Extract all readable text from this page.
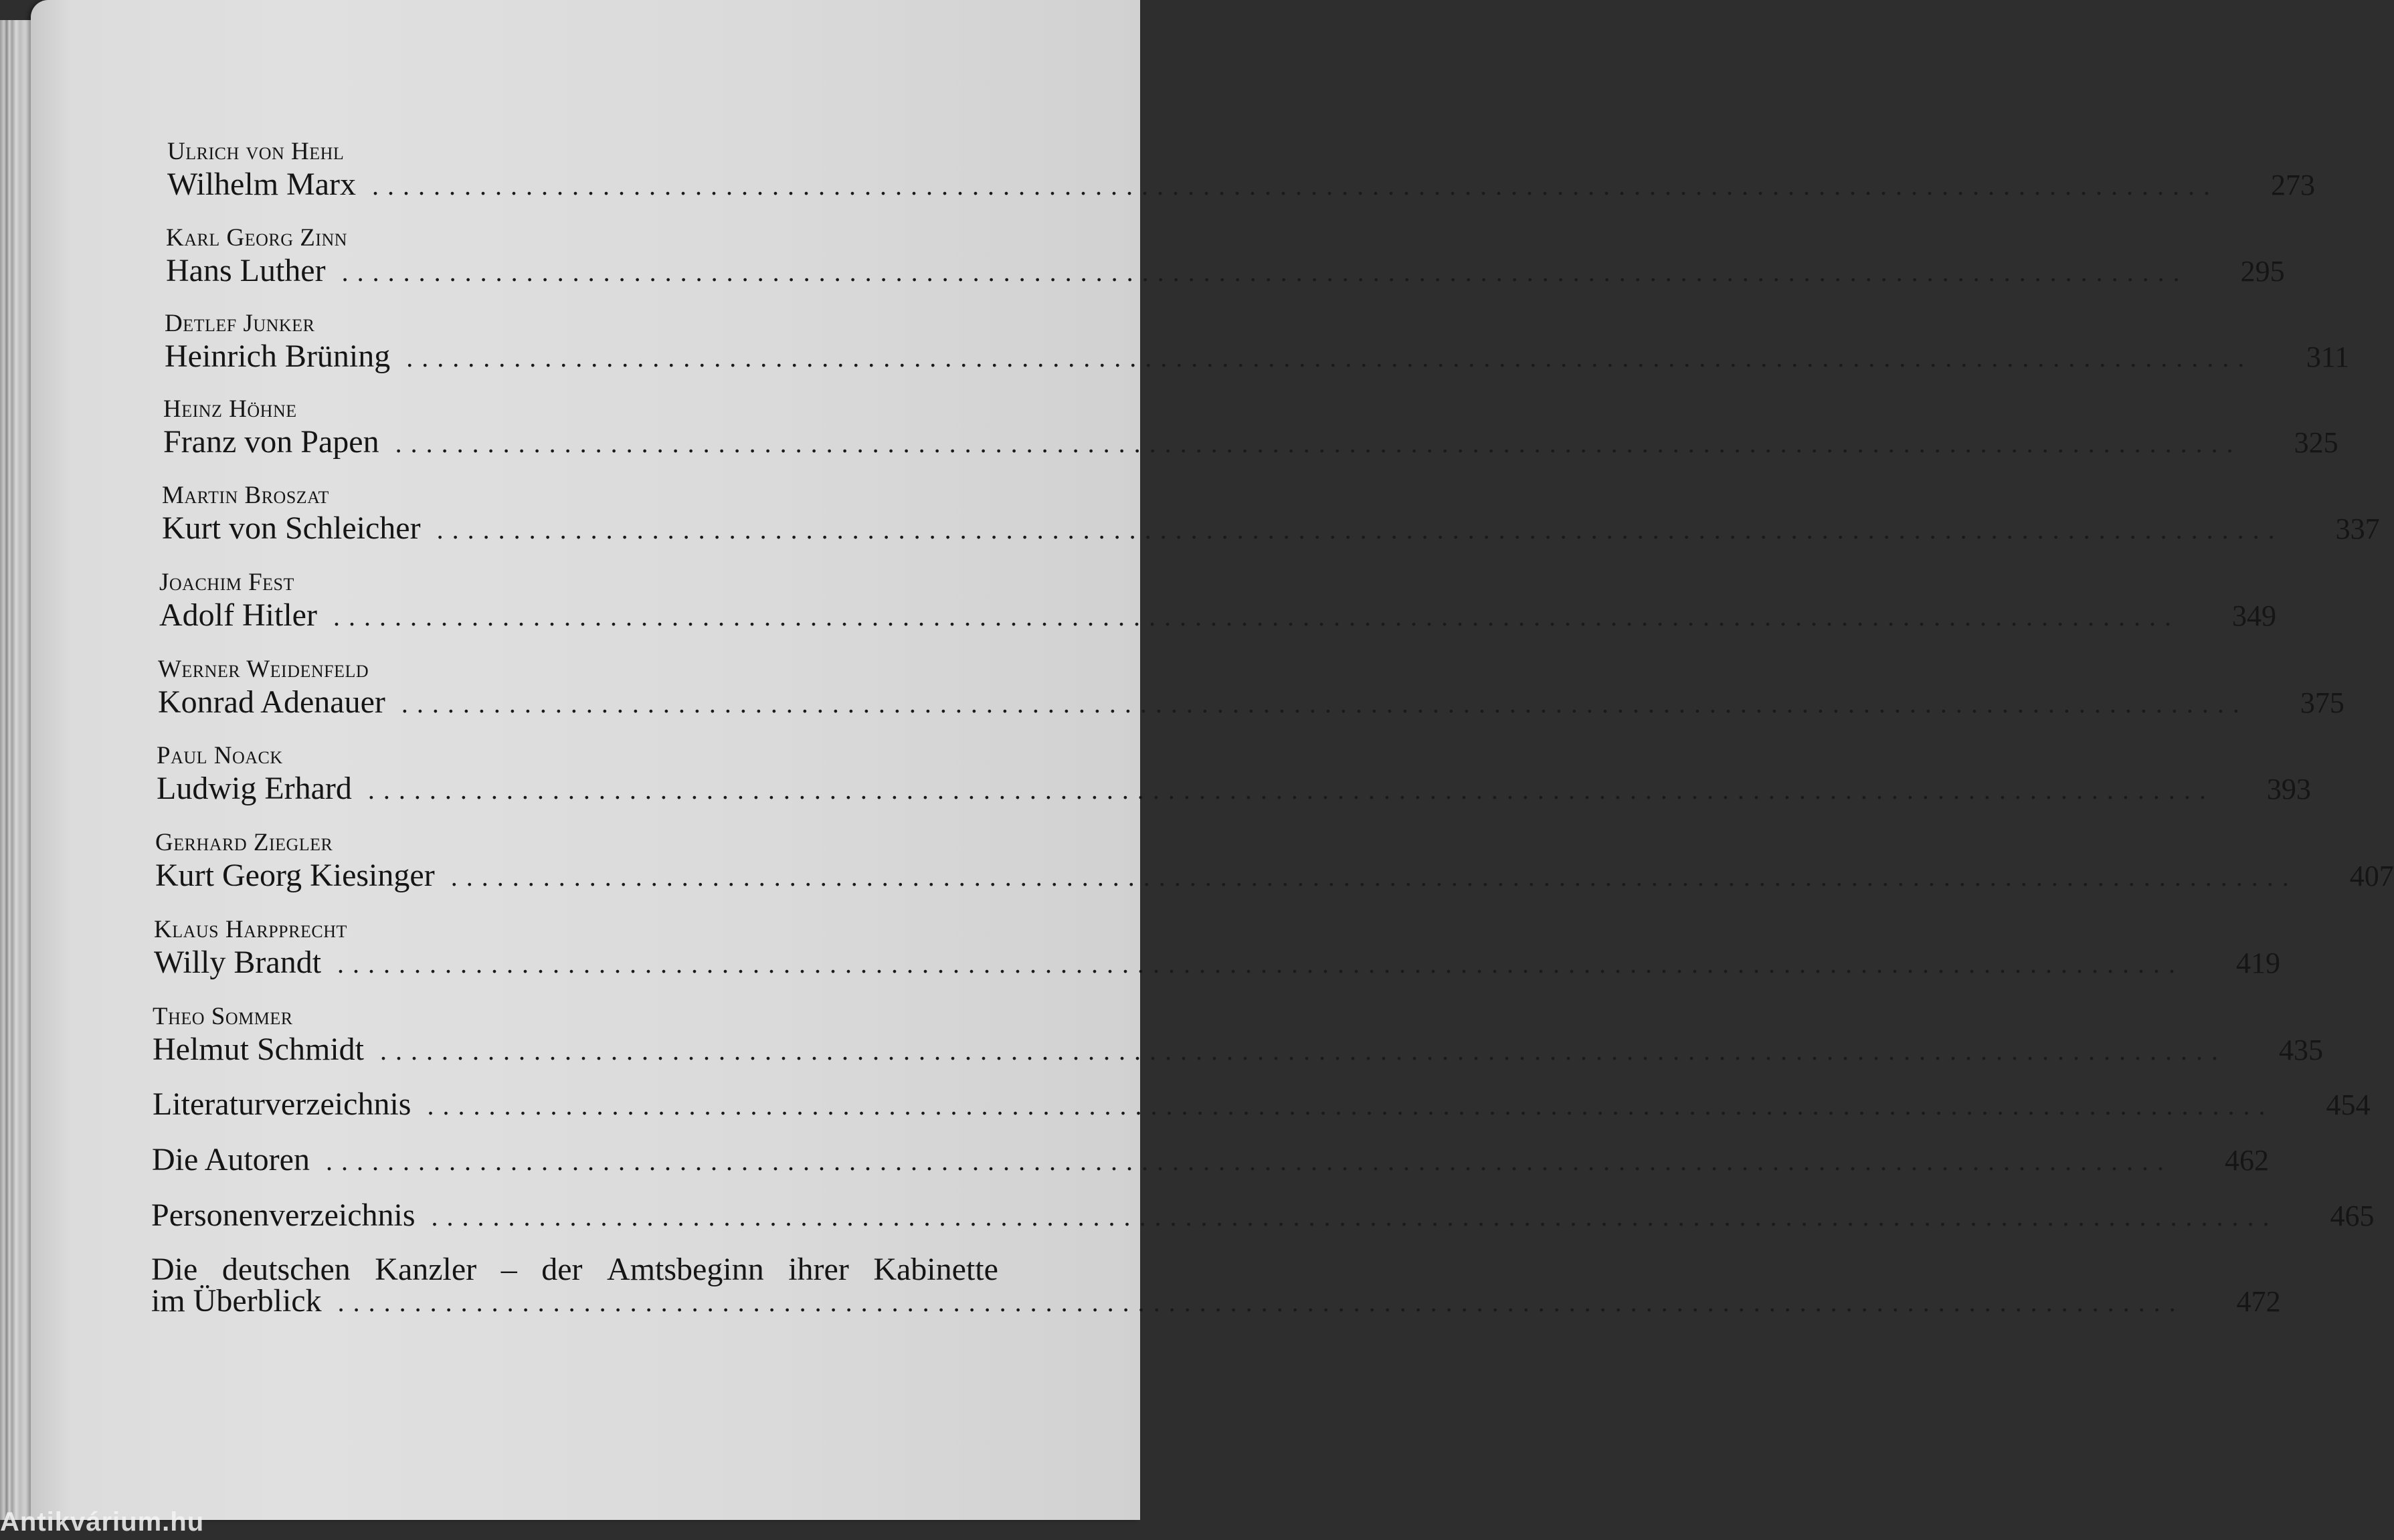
Ulrich von Hehl
Wilhelm Marx .....	273
Karl Georg Zinn
Hans Luther .....	295
Detlef Junker
Heinrich Brüning .....	311
Heinz Höhne
Franz von Papen .....	325
Martin Broszat
Kurt von Schleicher .....	337
Joachim Fest
Adolf Hitler .....	349
Werner Weidenfeld
Konrad Adenauer .....	375
Paul Noack
Ludwig Erhard .....	393
Gerhard Ziegler
Kurt Georg Kiesinger .....	407
Klaus Harpprecht
Willy Brandt .....	419
Theo Sommer
Helmut Schmidt .....	435
Literaturverzeichnis .....	454
Die Autoren .....	462
Personenverzeichnis .....	465
Die deutschen Kanzler – der Amtsbeginn ihrer Kabinette
im Überblick .....	472
Antikvárium.hu
